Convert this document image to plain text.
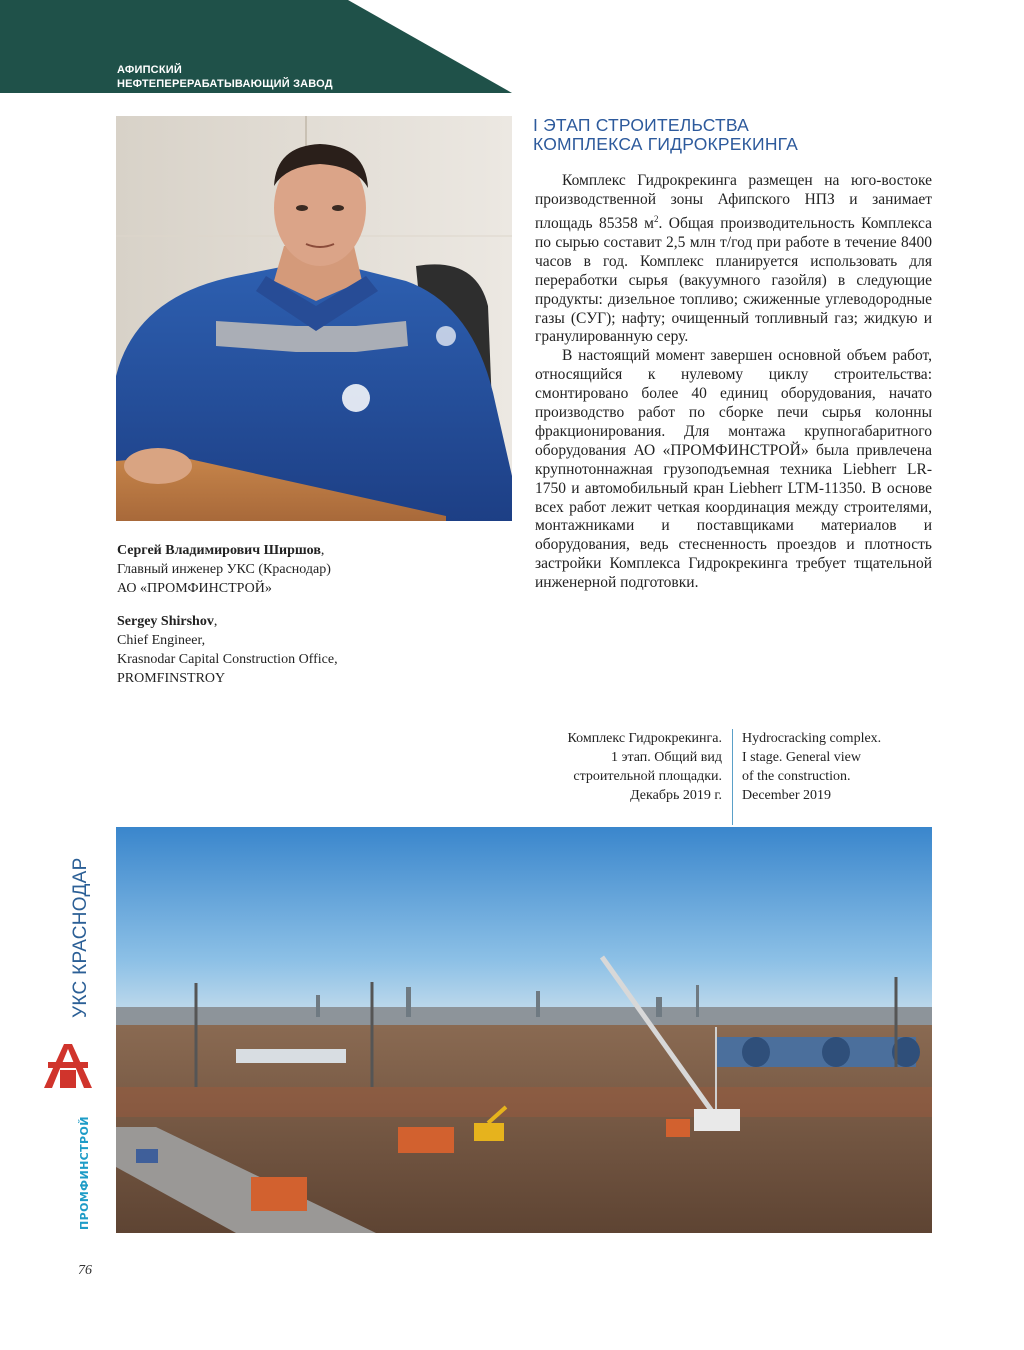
АФИПСКИЙ
НЕФТЕПЕРЕРАБАТЫВАЮЩИЙ ЗАВОД
Сергей Владимирович Ширшов,
Главный инженер УКС (Краснодар)
АО «ПРОМФИНСТРОЙ»
Sergey Shirshov,
Chief Engineer,
Krasnodar Capital Construction Office,
PROMFINSTROY
I ЭТАП СТРОИТЕЛЬСТВА
КОМПЛЕКСА ГИДРОКРЕКИНГА

Комплекс Гидрокрекинга размещен на юго-востоке производственной зоны Афипского НПЗ и занимает площадь 85358 $м^2$. Общая производительность Комплекса по сырью составит 2,5 млн т/год при работе в течение 8400 часов в год. Комплекс планируется использовать для переработки сырья (вакуумного газойля) в следующие продукты: дизельное топливо; сжиженные углеводородные газы (СУГ); нафту; очищенный топливный газ; жидкую и гранулированную серу.

В настоящий момент завершен основной объем работ, относящийся к нулевому циклу строительства: смонтировано более 40 единиц оборудования, начато производство работ по сборке печи сырья колонны фракционирования. Для монтажа крупногабаритного оборудования АО «ПРОМФИНСТРОЙ» была привлечена крупнотоннажная грузоподъемная техника Liebherr LR-1750 и автомобильный кран Liebherr LTM-11350. В основе всех работ лежит четкая координация между строителями, монтажниками и поставщиками материалов и оборудования, ведь стесненность проездов и плотность застройки Комплекса Гидрокрекинга требует тщательной инженерной подготовки.

Комплекс Гидрокрекинга.
1 этап. Общий вид
строительной площадки.
Декабрь 2019 г.
Hydrocracking complex.
I stage. General view
of the construction.
December 2019
УКС КРАСНОДАР
ПРОМФИНСТРОЙ
76
